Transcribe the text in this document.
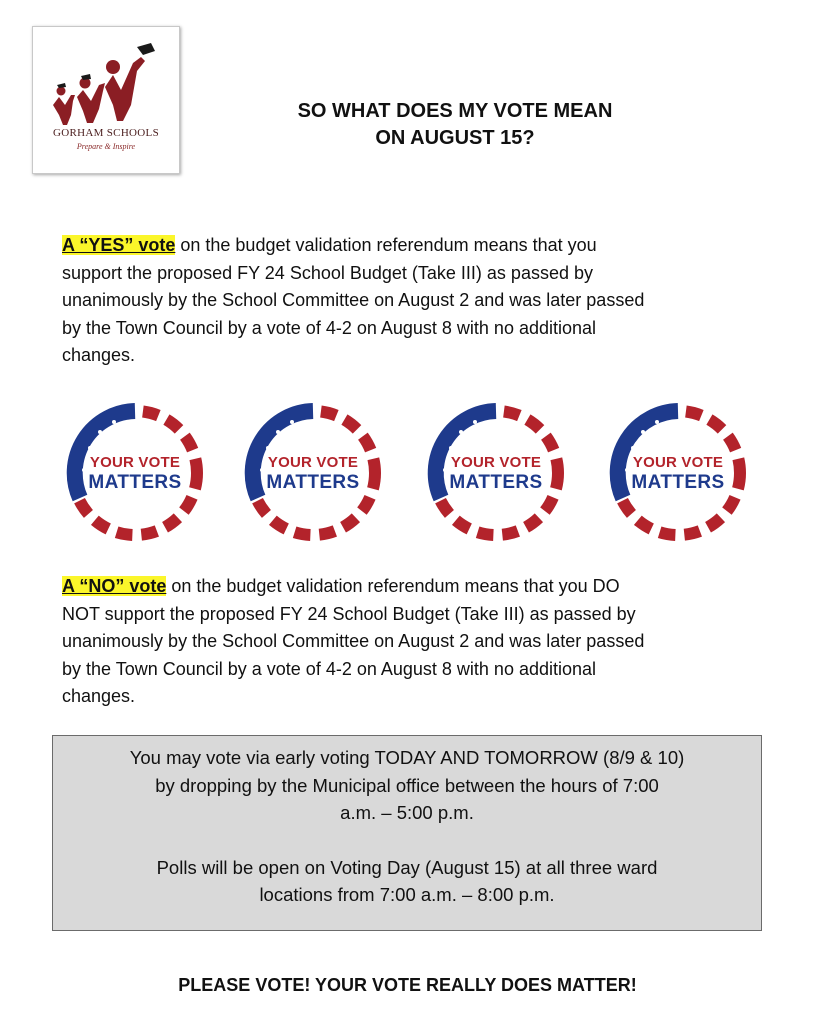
GORHAM SCHOOLS
Prepare & Inspire
SO WHAT DOES MY VOTE MEAN
ON AUGUST 15?
A “YES” vote on the budget validation referendum means that you
support the proposed FY 24 School Budget (Take III) as passed by
unanimously by the School Committee on August 2 and was later passed
by the Town Council by a vote of 4-2 on August 8 with no additional
changes.
YOUR VOTE
MATTERS
YOUR VOTE
MATTERS
YOUR VOTE
MATTERS
YOUR VOTE
MATTERS
A “NO” vote on the budget validation referendum means that you DO
NOT support the proposed FY 24 School Budget (Take III) as passed by
unanimously by the School Committee on August 2 and was later passed
by the Town Council by a vote of 4-2 on August 8 with no additional
changes.
You may vote via early voting TODAY AND TOMORROW (8/9 & 10)
by dropping by the Municipal office between the hours of 7:00
a.m. – 5:00 p.m.
Polls will be open on Voting Day (August 15) at all three ward
locations from 7:00 a.m. – 8:00 p.m.
PLEASE VOTE! YOUR VOTE REALLY DOES MATTER!
